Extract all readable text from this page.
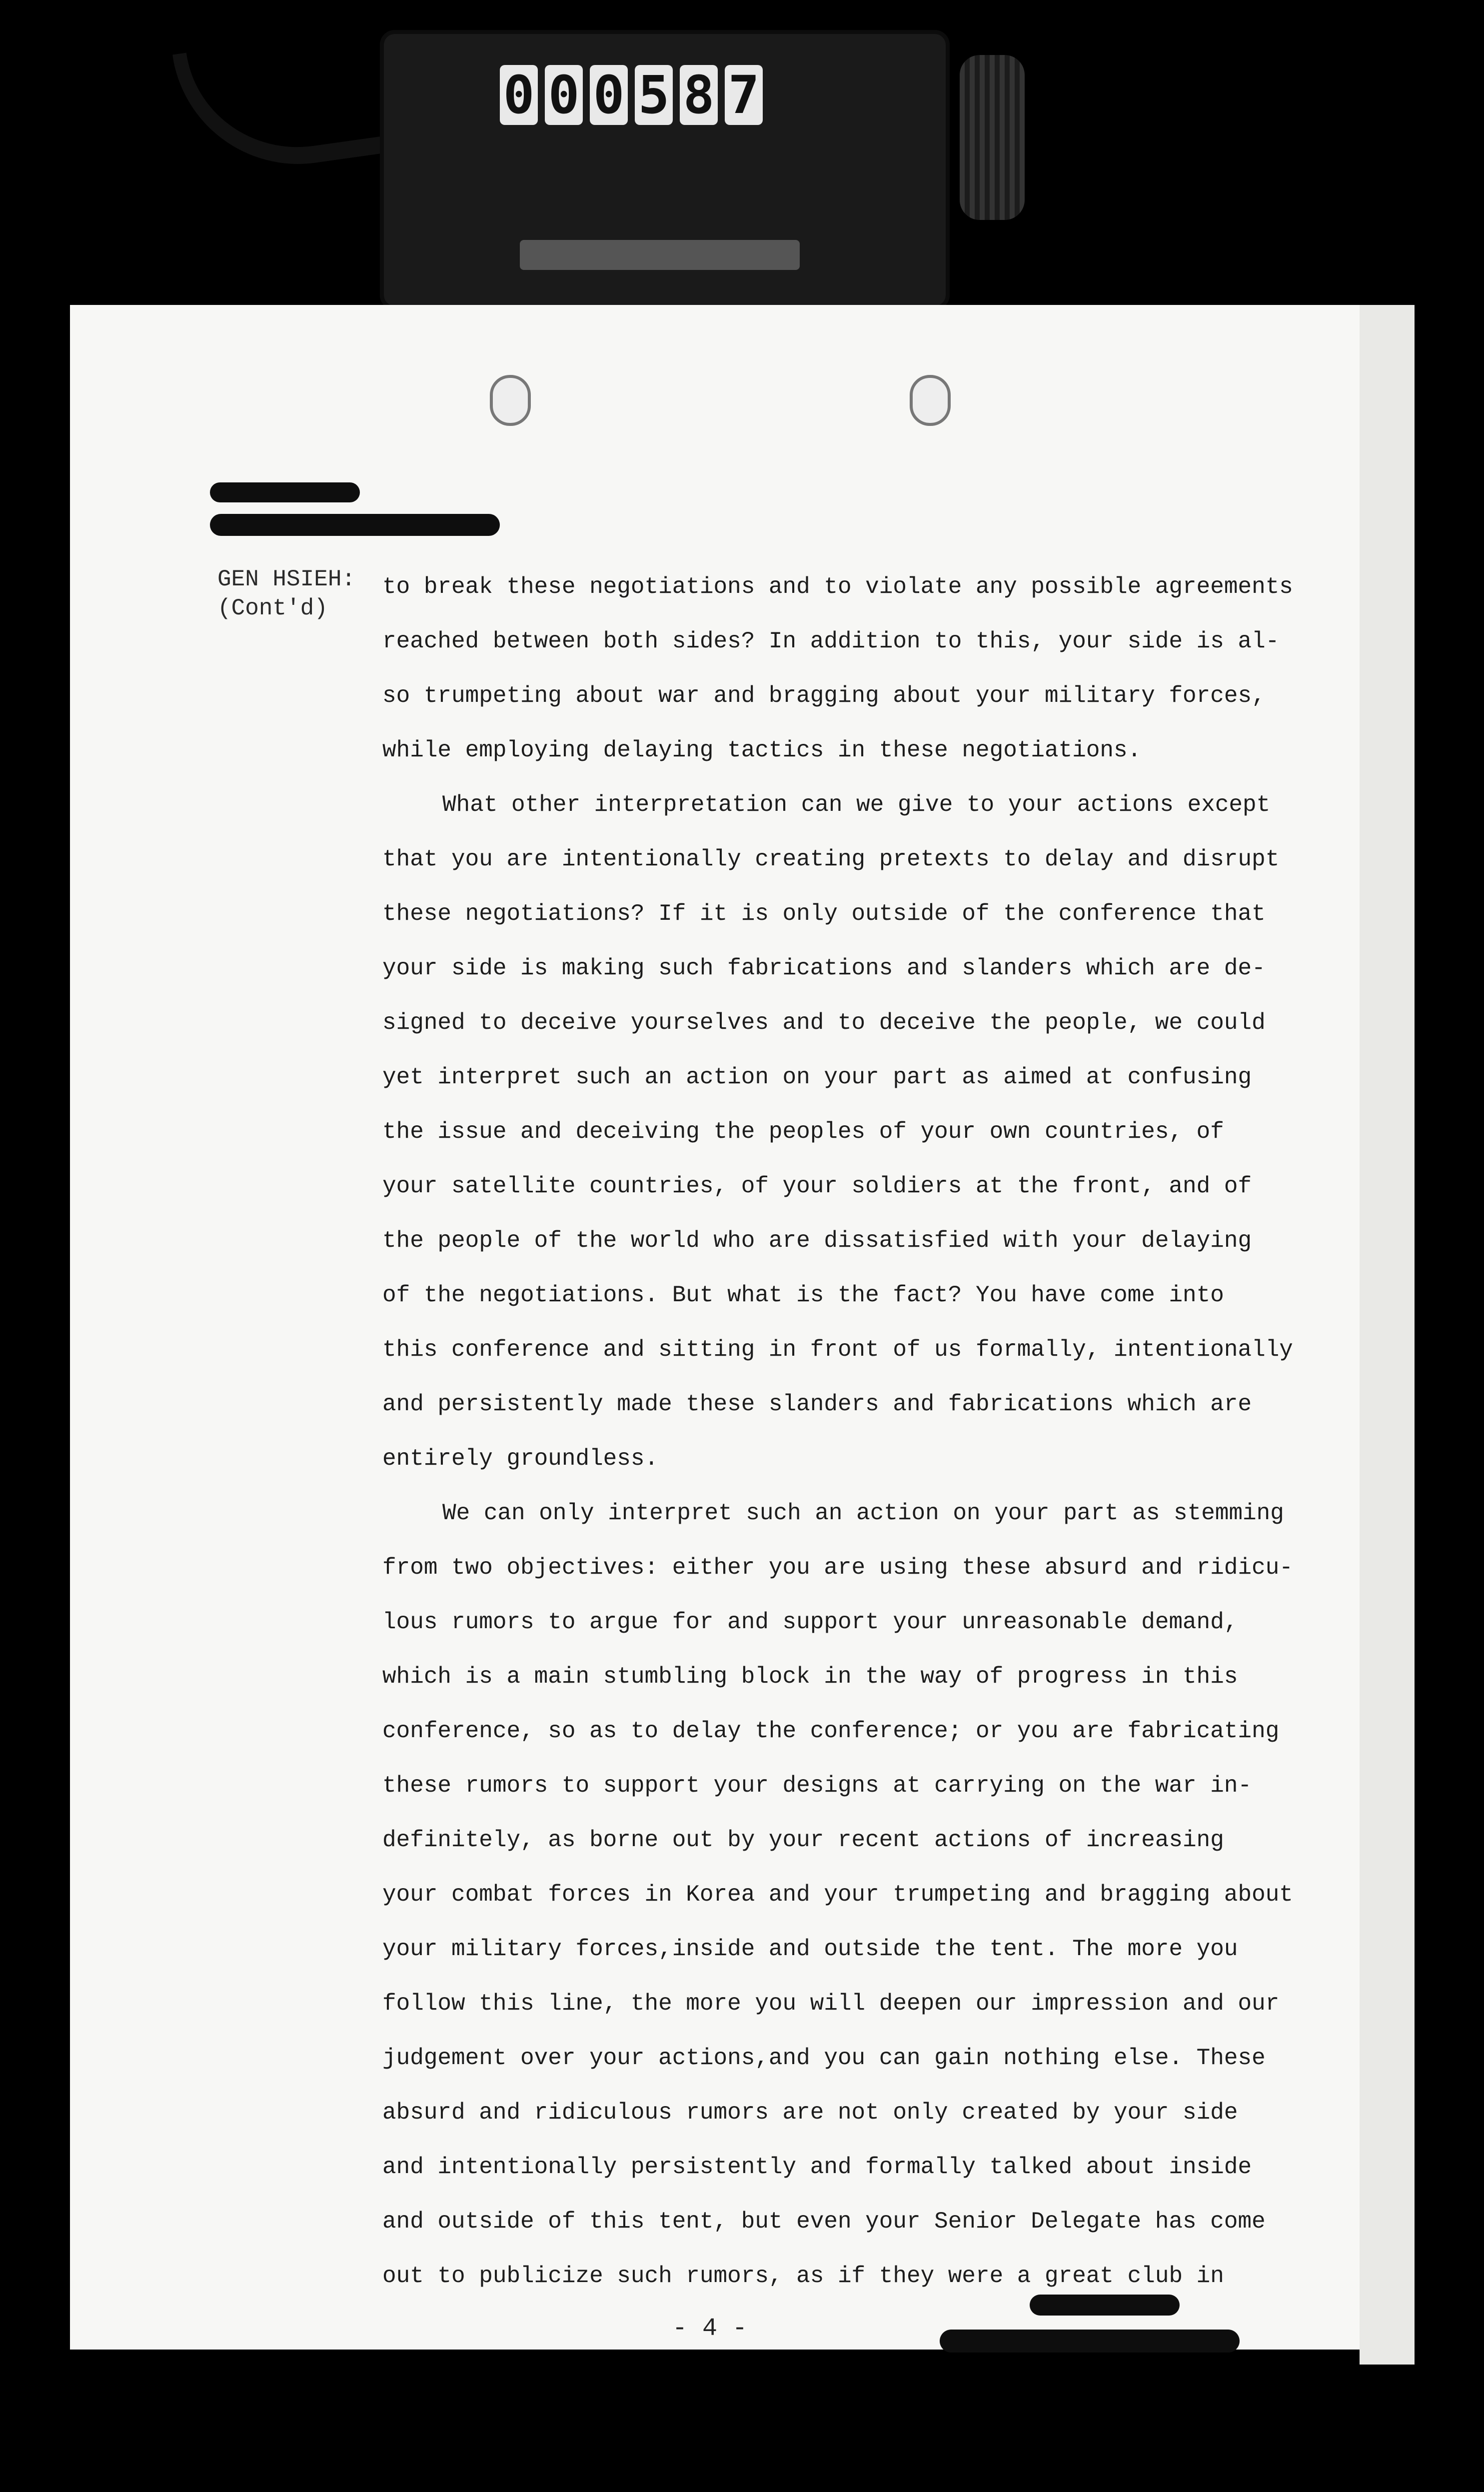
0 0 0 5 8 7
GEN HSIEH:
(Cont'd)
to break these negotiations and to violate any possible agreements
reached between both sides? In addition to this, your side is al-
so trumpeting about war and bragging about your military forces,
while employing delaying tactics in these negotiations.
What other interpretation can we give to your actions except
that you are intentionally creating pretexts to delay and disrupt
these negotiations? If it is only outside of the conference that
your side is making such fabrications and slanders which are de-
signed to deceive yourselves and to deceive the people, we could
yet interpret such an action on your part as aimed at confusing
the issue and deceiving the peoples of your own countries, of
your satellite countries, of your soldiers at the front, and of
the people of the world who are dissatisfied with your delaying
of the negotiations. But what is the fact? You have come into
this conference and sitting in front of us formally, intentionally
and persistently made these slanders and fabrications which are
entirely groundless.
We can only interpret such an action on your part as stemming
from two objectives: either you are using these absurd and ridicu-
lous rumors to argue for and support your unreasonable demand,
which is a main stumbling block in the way of progress in this
conference, so as to delay the conference; or you are fabricating
these rumors to support your designs at carrying on the war in-
definitely, as borne out by your recent actions of increasing
your combat forces in Korea and your trumpeting and bragging about
your military forces,inside and outside the tent. The more you
follow this line, the more you will deepen our impression and our
judgement over your actions,and you can gain nothing else. These
absurd and ridiculous rumors are not only created by your side
and intentionally persistently and formally talked about inside
and outside of this tent, but even your Senior Delegate has come
out to publicize such rumors, as if they were a great club in
- 4 -
